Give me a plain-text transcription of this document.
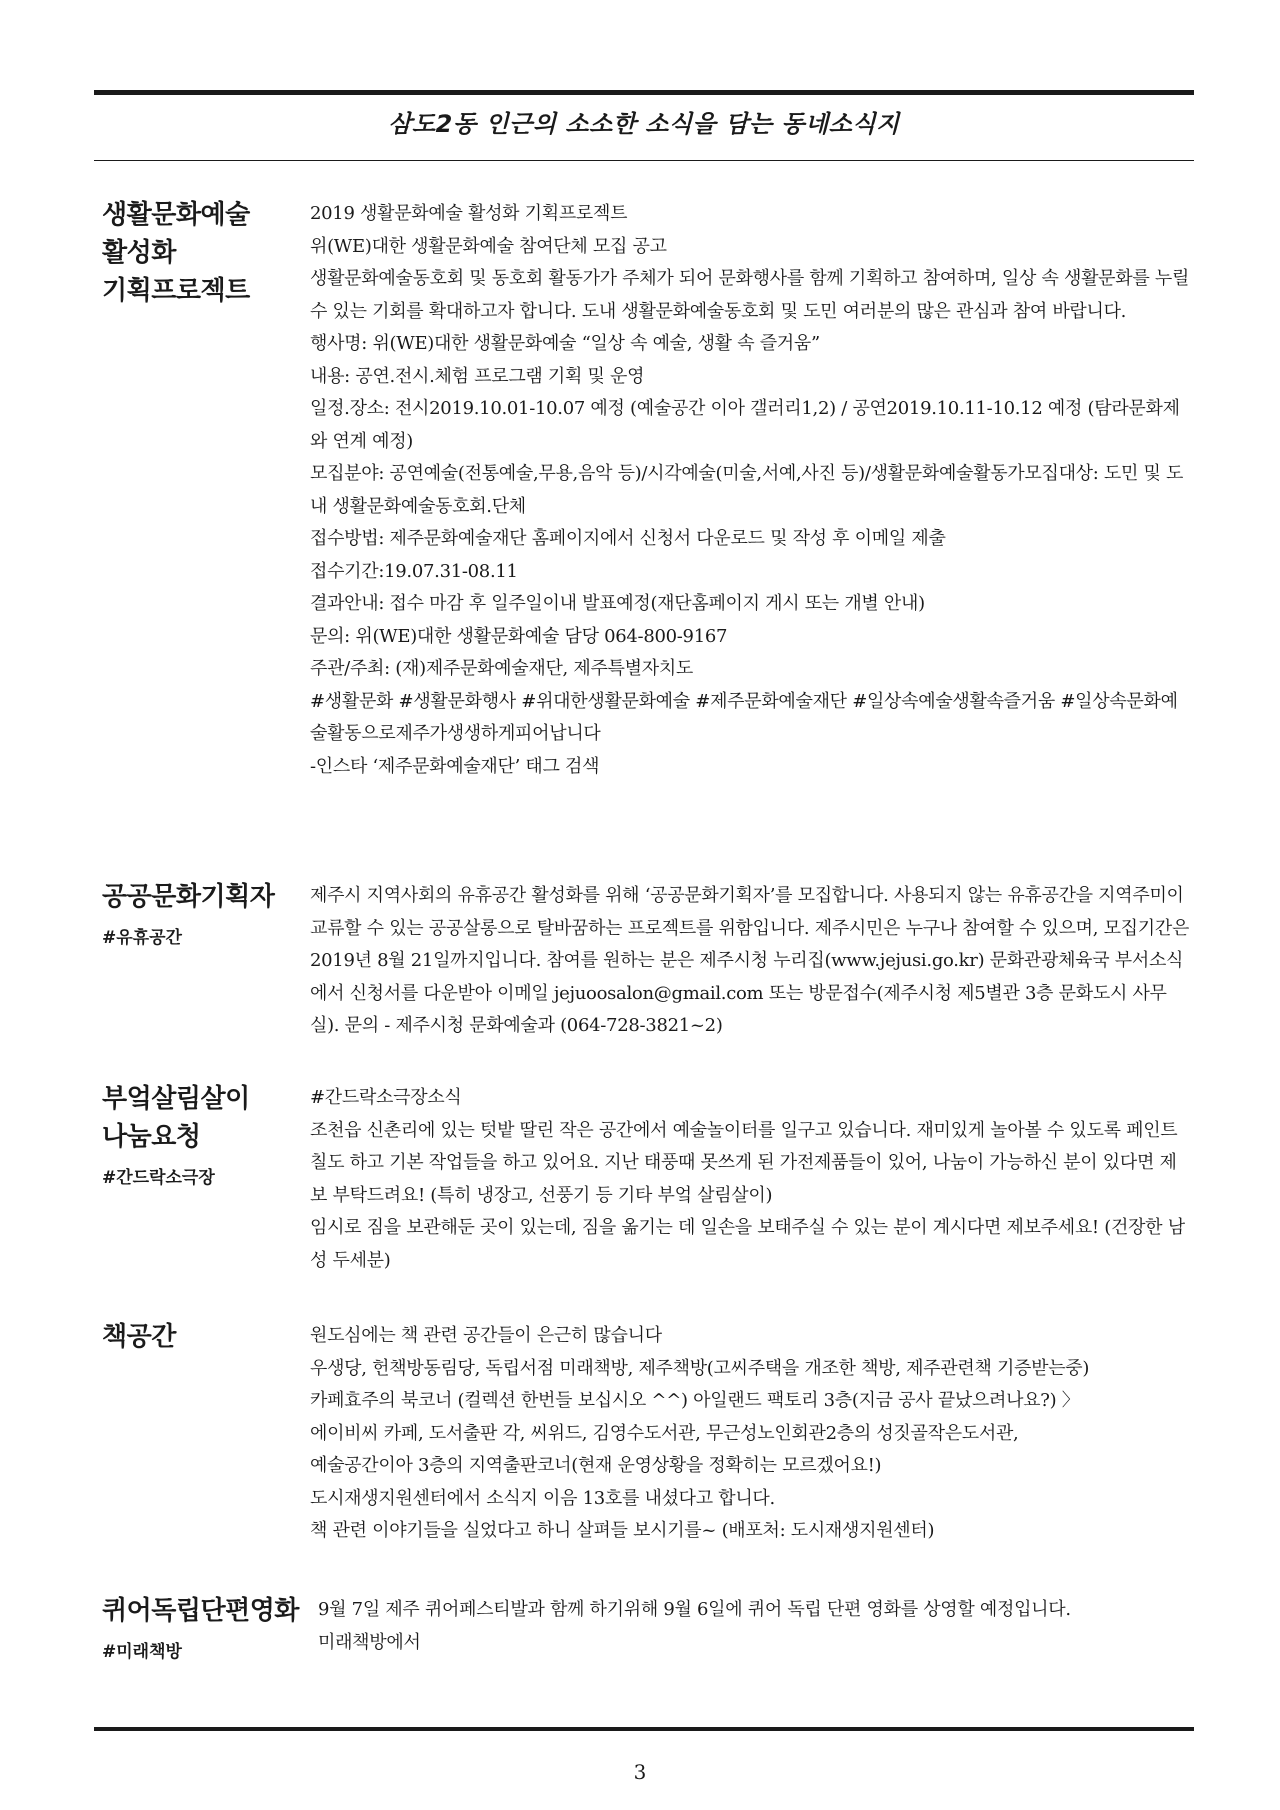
삼도2동 인근의 소소한 소식을 담는 동네소식지
생활문화예술
활성화
기획프로젝트

2019 생활문화예술 활성화 기획프로젝트

위(WE)대한 생활문화예술 참여단체 모집 공고

생활문화예술동호회 및 동호회 활동가가 주체가 되어 문화행사를 함께 기획하고 참여하며, 일상 속 생활문화를 누릴 수 있는 기회를 확대하고자 합니다. 도내 생활문화예술동호회 및 도민 여러분의 많은 관심과 참여 바랍니다.

행사명: 위(WE)대한 생활문화예술 “일상 속 예술, 생활 속 즐거움”

내용: 공연.전시.체험 프로그램 기획 및 운영

일정.장소: 전시2019.10.01-10.07 예정 (예술공간 이아 갤러리1,2) / 공연2019.10.11-10.12 예정 (탐라문화제와 연계 예정)

모집분야: 공연예술(전통예술,무용,음악 등)/시각예술(미술,서예,사진 등)/생활문화예술활동가모집대상: 도민 및 도내 생활문화예술동호회.단체

접수방법: 제주문화예술재단 홈페이지에서 신청서 다운로드 및 작성 후 이메일 제출

접수기간:19.07.31-08.11

결과안내: 접수 마감 후 일주일이내 발표예정(재단홈페이지 게시 또는 개별 안내)

문의: 위(WE)대한 생활문화예술 담당 064-800-9167

주관/주최: (재)제주문화예술재단, 제주특별자치도

#생활문화 #생활문화행사 #위대한생활문화예술 #제주문화예술재단 #일상속예술생활속즐거움 #일상속문화예술활동으로제주가생생하게피어납니다

-인스타 ‘제주문화예술재단’ 태그 검색

공공문화기획자
#유휴공간

제주시 지역사회의 유휴공간 활성화를 위해 ‘공공문화기획자’를 모집합니다. 사용되지 않는 유휴공간을 지역주미이 교류할 수 있는 공공살롱으로 탈바꿈하는 프로젝트를 위함입니다. 제주시민은 누구나 참여할 수 있으며, 모집기간은 2019년 8월 21일까지입니다. 참여를 원하는 분은 제주시청 누리집(www.jejusi.go.kr) 문화관광체육국 부서소식에서 신청서를 다운받아 이메일 jejuoosalon@gmail.com 또는 방문접수(제주시청 제5별관 3층 문화도시 사무실). 문의 - 제주시청 문화예술과 (064-728-3821~2)

부엌살림살이
나눔요청
#간드락소극장

#간드락소극장소식

조천읍 신촌리에 있는 텃밭 딸린 작은 공간에서 예술놀이터를 일구고 있습니다. 재미있게 놀아볼 수 있도록 페인트칠도 하고 기본 작업들을 하고 있어요. 지난 태풍때 못쓰게 된 가전제품들이 있어, 나눔이 가능하신 분이 있다면 제보 부탁드려요! (특히 냉장고, 선풍기 등 기타 부엌 살림살이)

임시로 짐을 보관해둔 곳이 있는데, 짐을 옮기는 데 일손을 보태주실 수 있는 분이 계시다면 제보주세요! (건장한 남성 두세분)

책공간	원도심에는 책 관련 공간들이 은근히 많습니다

우생당, 헌책방동림당, 독립서점 미래책방, 제주책방(고씨주택을 개조한 책방, 제주관련책 기증받는중)

카페효주의 북코너 (컬렉션 한번들 보십시오 ^^) 아일랜드 팩토리 3층(지금 공사 끝났으려나요?) 〉

에이비씨 카페, 도서출판 각, 씨위드, 김영수도서관, 무근성노인회관2층의 성짓골작은도서관,

예술공간이아 3층의 지역출판코너(현재 운영상황을 정확히는 모르겠어요!)

도시재생지원센터에서 소식지 이음 13호를 내셨다고 합니다.

책 관련 이야기들을 실었다고 하니 살펴들 보시기를~ (배포처: 도시재생지원센터)

퀴어독립단편영화
#미래책방

9월 7일 제주 퀴어페스티발과 함께 하기위해 9월 6일에 퀴어 독립 단편 영화를 상영할 예정입니다.

미래책방에서

3
